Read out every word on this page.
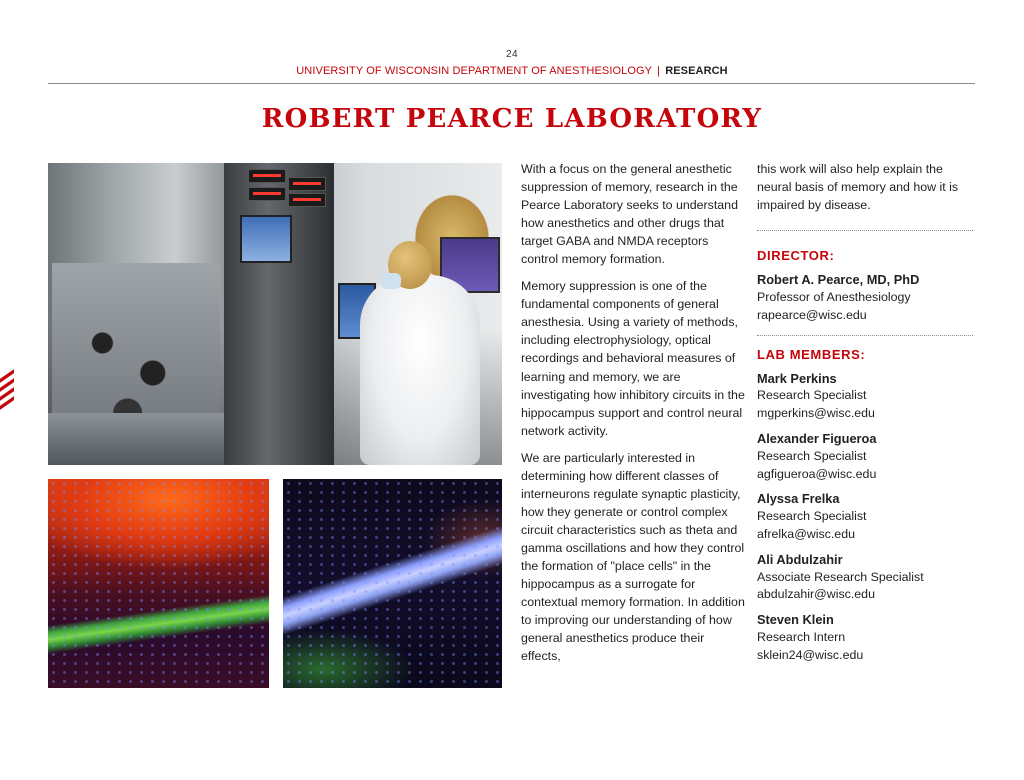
24
UNIVERSITY OF WISCONSIN DEPARTMENT OF ANESTHESIOLOGY | RESEARCH
ROBERT PEARCE LABORATORY

With a focus on the general anesthetic suppression of memory, research in the Pearce Laboratory seeks to understand how anesthetics and other drugs that target GABA and NMDA receptors control memory formation.

Memory suppression is one of the fundamental components of general anesthesia. Using a variety of methods, including electrophysiology, optical recordings and behavioral measures of learning and memory, we are investigating how inhibitory circuits in the hippocampus support and control neural network activity.

We are particularly interested in determining how different classes of interneurons regulate synaptic plasticity, how they generate or control complex circuit characteristics such as theta and gamma oscillations and how they control the formation of "place cells" in the hippocampus as a surrogate for contextual memory formation. In addition to improving our understanding of how general anesthetics produce their effects,

this work will also help explain the neural basis of memory and how it is impaired by disease.

DIRECTOR:
Robert A. Pearce, MD, PhD
Professor of Anesthesiology
rapearce@wisc.edu
LAB MEMBERS:
Mark Perkins
Research Specialist
mgperkins@wisc.edu
Alexander Figueroa
Research Specialist
agfigueroa@wisc.edu
Alyssa Frelka
Research Specialist
afrelka@wisc.edu
Ali Abdulzahir
Associate Research Specialist
abdulzahir@wisc.edu
Steven Klein
Research Intern
sklein24@wisc.edu
